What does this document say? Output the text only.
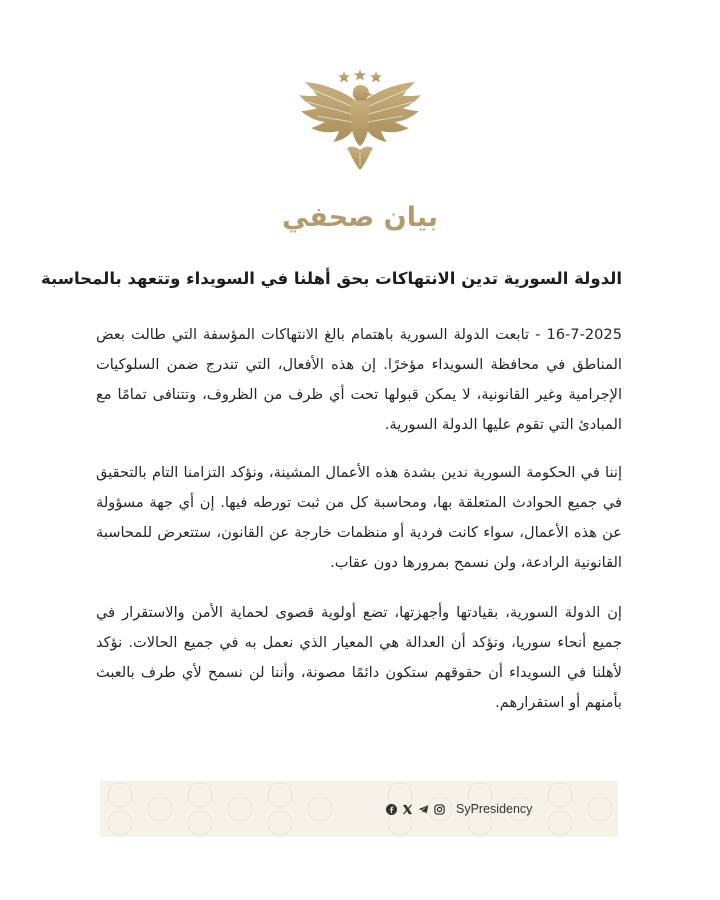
بيان صحفي
الدولة السورية تدين الانتهاكات بحق أهلنا في السويداء وتتعهد بالمحاسبة

16-7-2025 - تابعت الدولة السورية باهتمام بالغ الانتهاكات المؤسفة التي طالت بعض المناطق في محافظة السويداء مؤخرًا. إن هذه الأفعال، التي تندرج ضمن السلوكيات الإجرامية وغير القانونية، لا يمكن قبولها تحت أي ظرف من الظروف، وتتنافى تمامًا مع المبادئ التي تقوم عليها الدولة السورية.

إننا في الحكومة السورية ندين بشدة هذه الأعمال المشينة، ونؤكد التزامنا التام بالتحقيق في جميع الحوادث المتعلقة بها، ومحاسبة كل من ثبت تورطه فيها. إن أي جهة مسؤولة عن هذه الأعمال، سواء كانت فردية أو منظمات خارجة عن القانون، ستتعرض للمحاسبة القانونية الرادعة، ولن نسمح بمرورها دون عقاب.

إن الدولة السورية، بقيادتها وأجهزتها، تضع أولوية قصوى لحماية الأمن والاستقرار في جميع أنحاء سوريا، وتؤكد أن العدالة هي المعيار الذي نعمل به في جميع الحالات. نؤكد لأهلنا في السويداء أن حقوقهم ستكون دائمًا مصونة، وأننا لن نسمح لأي طرف بالعبث بأمنهم أو استقرارهم.

SyPresidency
